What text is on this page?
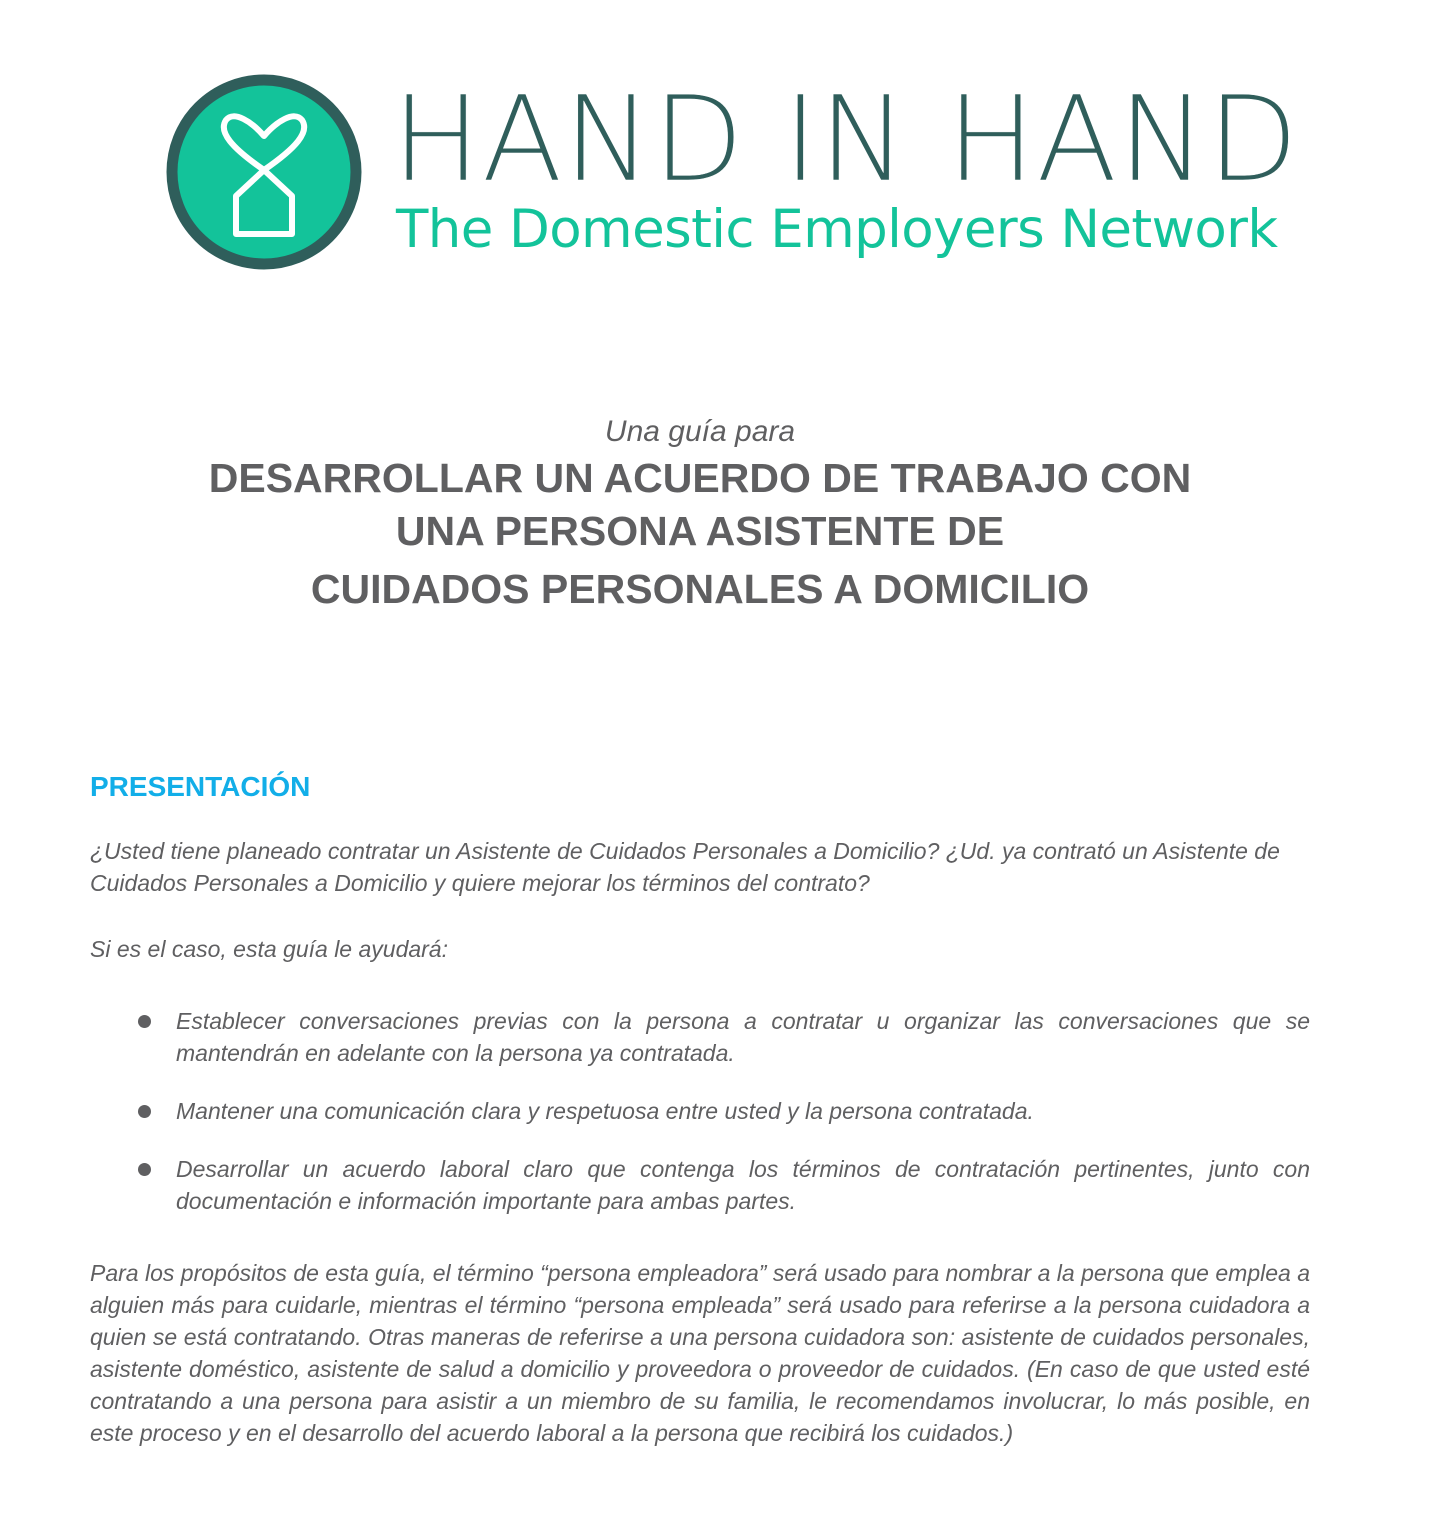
HAND IN HAND
The Domestic Employers Network

Una guía para

DESARROLLAR UN ACUERDO DE TRABAJO CON

UNA PERSONA ASISTENTE DE

CUIDADOS PERSONALES A DOMICILIO

PRESENTACIÓN

¿Usted tiene planeado contratar un Asistente de Cuidados Personales a Domicilio? ¿Ud. ya contrató un Asistente de Cuidados Personales a Domicilio y quiere mejorar los términos del contrato?

Si es el caso, esta guía le ayudará:

Establecer conversaciones previas con la persona a contratar u organizar las conversaciones que se mantendrán en adelante con la persona ya contratada.
Mantener una comunicación clara y respetuosa entre usted y la persona contratada.
Desarrollar un acuerdo laboral claro que contenga los términos de contratación pertinentes, junto con documentación e información importante para ambas partes.

Para los propósitos de esta guía, el término “persona empleadora” será usado para nombrar a la persona que emplea a alguien más para cuidarle, mientras el término “persona empleada” será usado para referirse a la persona cuidadora a quien se está contratando. Otras maneras de referirse a una persona cuidadora son: asistente de cuidados personales, asistente doméstico, asistente de salud a domicilio y proveedora o proveedor de cuidados. (En caso de que usted esté contratando a una persona para asistir a un miembro de su familia, le recomendamos involucrar, lo más posible, en este proceso y en el desarrollo del acuerdo laboral a la persona que recibirá los cuidados.)
